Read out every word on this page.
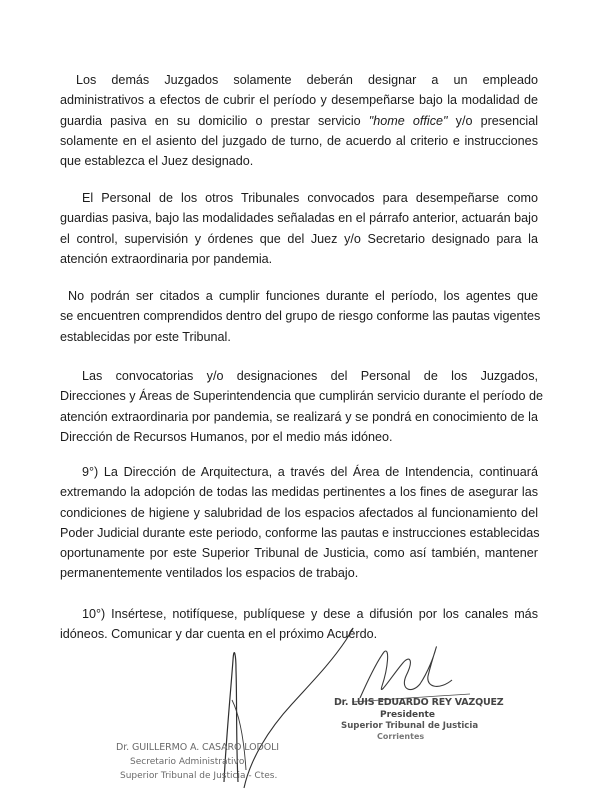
Los demás Juzgados solamente deberán designar a un empleado
administrativos a efectos de cubrir el período y desempeñarse bajo la modalidad de
guardia pasiva en su domicilio o prestar servicio "home office" y/o presencial
solamente en el asiento del juzgado de turno, de acuerdo al criterio e instrucciones
que establezca el Juez designado.
El Personal de los otros Tribunales convocados para desempeñarse como
guardias pasiva, bajo las modalidades señaladas en el párrafo anterior, actuarán bajo
el control, supervisión y órdenes que del Juez y/o Secretario designado para la
atención extraordinaria por pandemia.
No podrán ser citados a cumplir funciones durante el período, los agentes que
se encuentren comprendidos dentro del grupo de riesgo conforme las pautas vigentes
establecidas por este Tribunal.
Las convocatorias y/o designaciones del Personal de los Juzgados,
Direcciones y Áreas de Superintendencia que cumplirán servicio durante el período de
atención extraordinaria por pandemia, se realizará y se pondrá en conocimiento de la
Dirección de Recursos Humanos, por el medio más idóneo.
9°) La Dirección de Arquitectura, a través del Área de Intendencia, continuará
extremando la adopción de todas las medidas pertinentes a los fines de asegurar las
condiciones de higiene y salubridad de los espacios afectados al funcionamiento del
Poder Judicial durante este periodo, conforme las pautas e instrucciones establecidas
oportunamente por este Superior Tribunal de Justicia, como así también, mantener
permanentemente ventilados los espacios de trabajo.
10°) Insértese, notifíquese, publíquese y dese a difusión por los canales más
idóneos. Comunicar y dar cuenta en el próximo Acuerdo.
Dr. LUIS EDUARDO REY VAZQUEZ
Presidente
Superior Tribunal de Justicia
Corrientes
Dr. GUILLERMO A. CASARO LODOLI
Secretario Administrativo
Superior Tribunal de Justicia - Ctes.
